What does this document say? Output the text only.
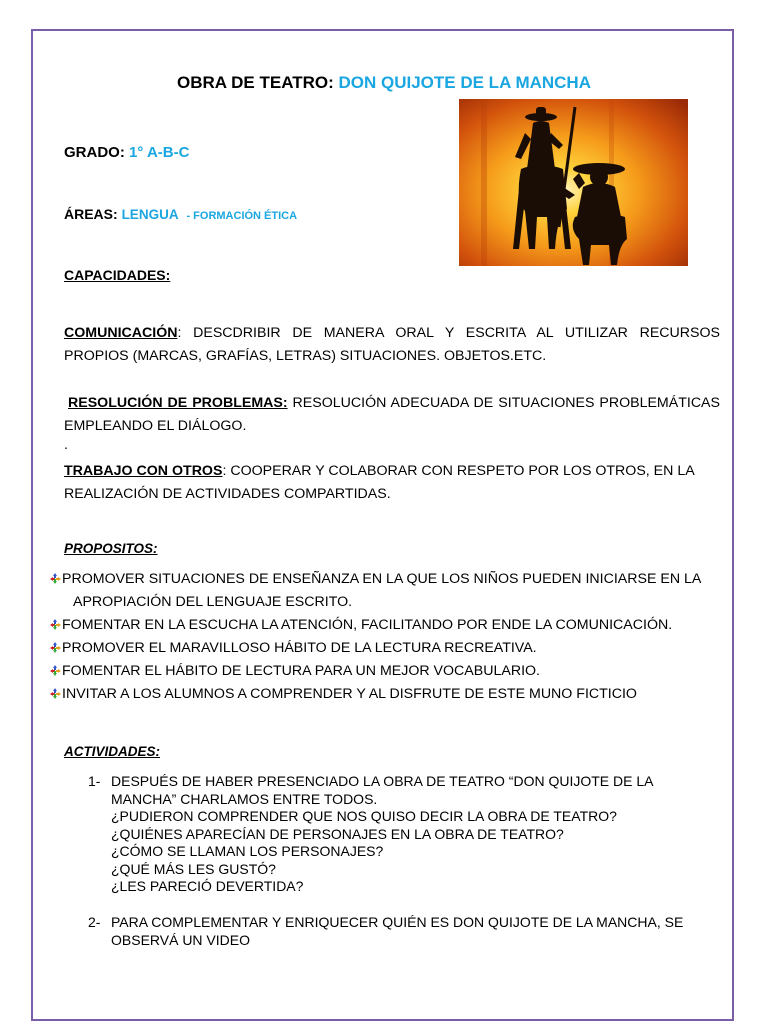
OBRA DE TEATRO: DON QUIJOTE DE LA MANCHA
GRADO: 1° A-B-C
ÁREAS: LENGUA - FORMACIÓN ÉTICA
CAPACIDADES:
COMUNICACIÓN: DESCDRIBIR DE MANERA ORAL Y ESCRITA AL UTILIZAR RECURSOS
PROPIOS (MARCAS, GRAFÍAS, LETRAS) SITUACIONES. OBJETOS.ETC.
RESOLUCIÓN DE PROBLEMAS: RESOLUCIÓN ADECUADA DE SITUACIONES PROBLEMÁTICAS
EMPLEANDO EL DIÁLOGO.
.
TRABAJO CON OTROS: COOPERAR Y COLABORAR CON RESPETO POR LOS OTROS, EN LA
REALIZACIÓN DE ACTIVIDADES COMPARTIDAS.
PROPOSITOS:
PROMOVER SITUACIONES DE ENSEÑANZA EN LA QUE LOS NIÑOS PUEDEN INICIARSE EN LA
APROPIACIÓN DEL LENGUAJE ESCRITO.
FOMENTAR EN LA ESCUCHA LA ATENCIÓN, FACILITANDO POR ENDE LA COMUNICACIÓN.
PROMOVER EL MARAVILLOSO HÁBITO DE LA LECTURA RECREATIVA.
FOMENTAR EL HÁBITO DE LECTURA PARA UN MEJOR VOCABULARIO.
INVITAR A LOS ALUMNOS A COMPRENDER Y AL DISFRUTE DE ESTE MUNO FICTICIO
ACTIVIDADES:
1- DESPUÉS DE HABER PRESENCIADO LA OBRA DE TEATRO “DON QUIJOTE DE LA
MANCHA” CHARLAMOS ENTRE TODOS.
¿PUDIERON COMPRENDER QUE NOS QUISO DECIR LA OBRA DE TEATRO?
¿QUIÉNES APARECÍAN DE PERSONAJES EN LA OBRA DE TEATRO?
¿CÓMO SE LLAMAN LOS PERSONAJES?
¿QUÉ MÁS LES GUSTÓ?
¿LES PARECIÓ DEVERTIDA?
2- PARA COMPLEMENTAR Y ENRIQUECER QUIÉN ES DON QUIJOTE DE LA MANCHA, SE
OBSERVÁ UN VIDEO
